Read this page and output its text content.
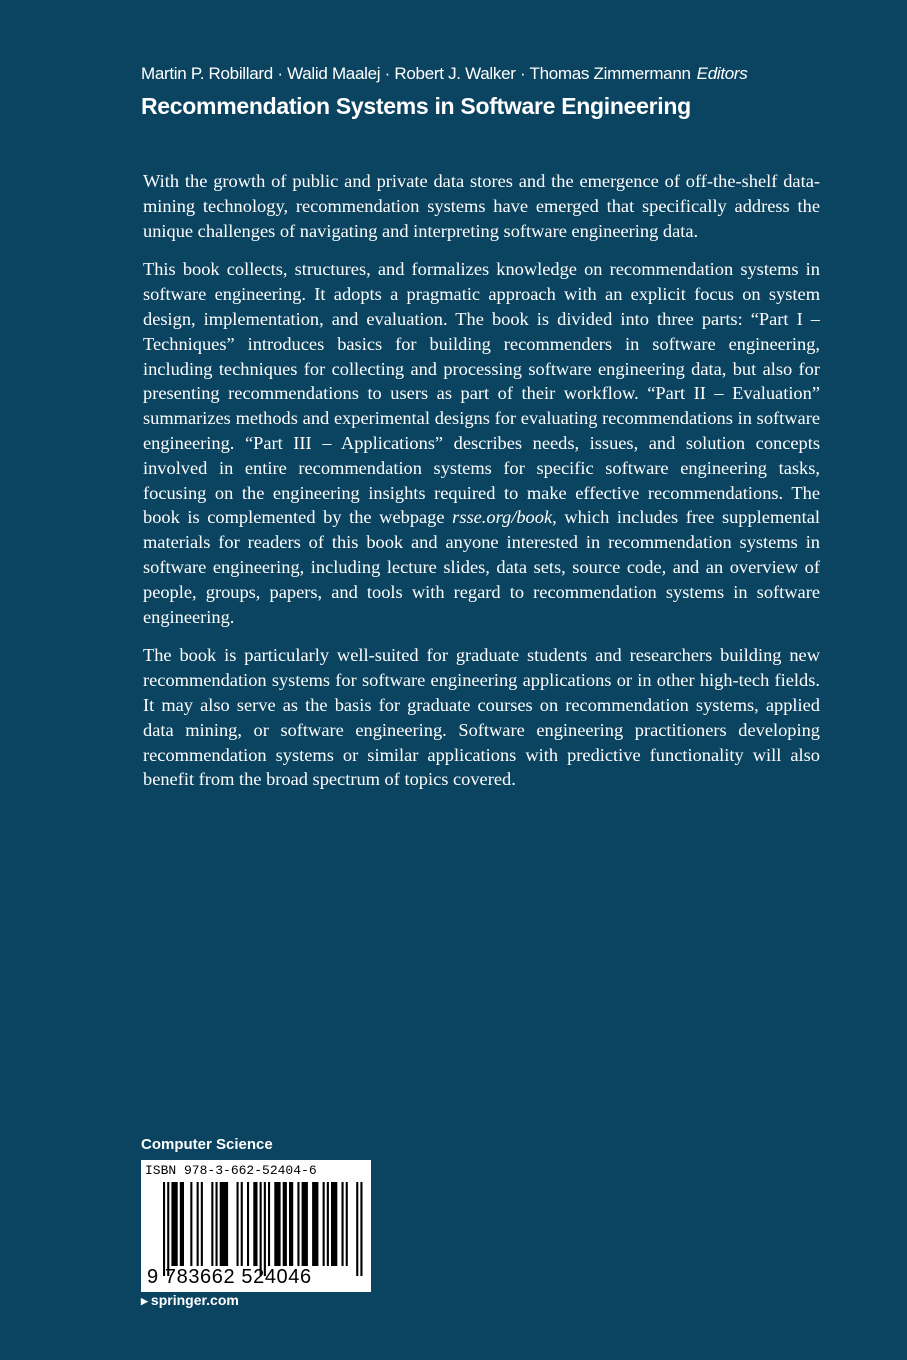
Martin P. Robillard · Walid Maalej · Robert J. Walker · Thomas Zimmermann Editors
Recommendation Systems in Software Engineering

With the growth of public and private data stores and the emergence of off-the-shelf data-mining technology, recommendation systems have emerged that specifically address the unique challenges of navigating and interpreting software engineering data.

This book collects, structures, and formalizes knowledge on recommendation systems in software engineering. It adopts a pragmatic approach with an explicit focus on system design, implementation, and evaluation. The book is divided into three parts: “Part I – Techniques” introduces basics for building recommenders in software engineering, including techniques for collecting and processing software engineering data, but also for presenting recommendations to users as part of their workflow. “Part II – Evaluation” summarizes methods and experimental designs for evaluating recommendations in software engineering. “Part III – Applications” describes needs, issues, and solution concepts involved in entire recommendation systems for specific software engineering tasks, focusing on the engineering insights required to make effective recommendations. The book is complemented by the webpage rsse.org/book, which includes free supplemental materials for readers of this book and anyone interested in recommendation systems in software engineering, including lecture slides, data sets, source code, and an overview of people, groups, papers, and tools with regard to recommendation systems in software engineering.

The book is particularly well-suited for graduate students and researchers building new recommendation systems for software engineering applications or in other high-tech fields. It may also serve as the basis for graduate courses on recommendation systems, applied data mining, or software engineering. Software engineering practitioners developing recommendation systems or similar applications with predictive functionality will also benefit from the broad spectrum of topics covered.

Computer Science
ISBN 978-3-662-52404-6
9 783662 524046
▶ springer.com
